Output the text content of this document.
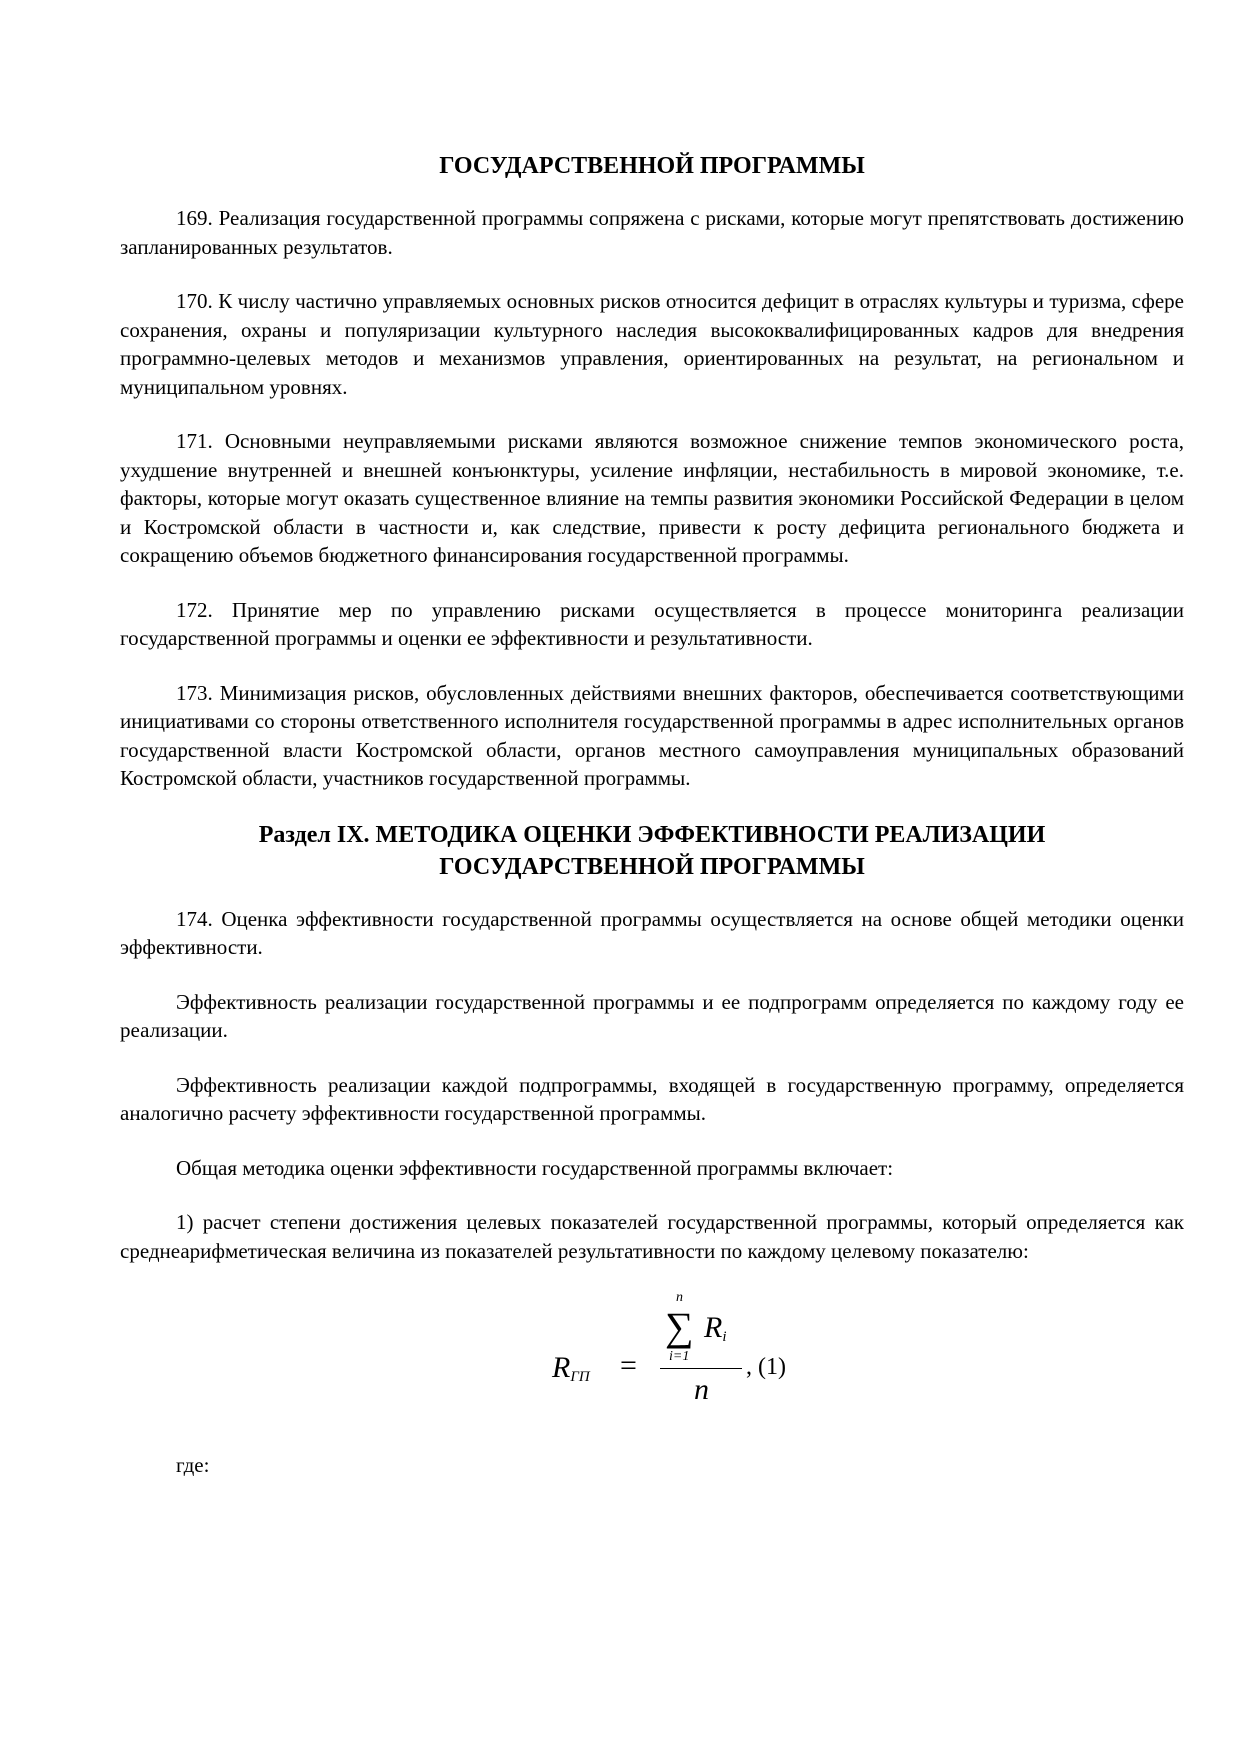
ГОСУДАРСТВЕННОЙ ПРОГРАММЫ

169. Реализация государственной программы сопряжена с рисками, которые могут препятствовать достижению запланированных результатов.

170. К числу частично управляемых основных рисков относится дефицит в отраслях культуры и туризма, сфере сохранения, охраны и популяризации культурного наследия высококвалифицированных кадров для внедрения программно-целевых методов и механизмов управления, ориентированных на результат, на региональном и муниципальном уровнях.

171. Основными неуправляемыми рисками являются возможное снижение темпов экономического роста, ухудшение внутренней и внешней конъюнктуры, усиление инфляции, нестабильность в мировой экономике, т.е. факторы, которые могут оказать существенное влияние на темпы развития экономики Российской Федерации в целом и Костромской области в частности и, как следствие, привести к росту дефицита регионального бюджета и сокращению объемов бюджетного финансирования государственной программы.

172. Принятие мер по управлению рисками осуществляется в процессе мониторинга реализации государственной программы и оценки ее эффективности и результативности.

173. Минимизация рисков, обусловленных действиями внешних факторов, обеспечивается соответствующими инициативами со стороны ответственного исполнителя государственной программы в адрес исполнительных органов государственной власти Костромской области, органов местного самоуправления муниципальных образований Костромской области, участников государственной программы.

Раздел IX. МЕТОДИКА ОЦЕНКИ ЭФФЕКТИВНОСТИ РЕАЛИЗАЦИИ
ГОСУДАРСТВЕННОЙ ПРОГРАММЫ

174. Оценка эффективности государственной программы осуществляется на основе общей методики оценки эффективности.

Эффективность реализации государственной программы и ее подпрограмм определяется по каждому году ее реализации.

Эффективность реализации каждой подпрограммы, входящей в государственную программу, определяется аналогично расчету эффективности государственной программы.

Общая методика оценки эффективности государственной программы включает:

1) расчет степени достижения целевых показателей государственной программы, который определяется как среднеарифметическая величина из показателей результативности по каждому целевому показателю:

$R_{ГП}$ =
n
∑ $R_i$
i=1
n
, (1)

где:
